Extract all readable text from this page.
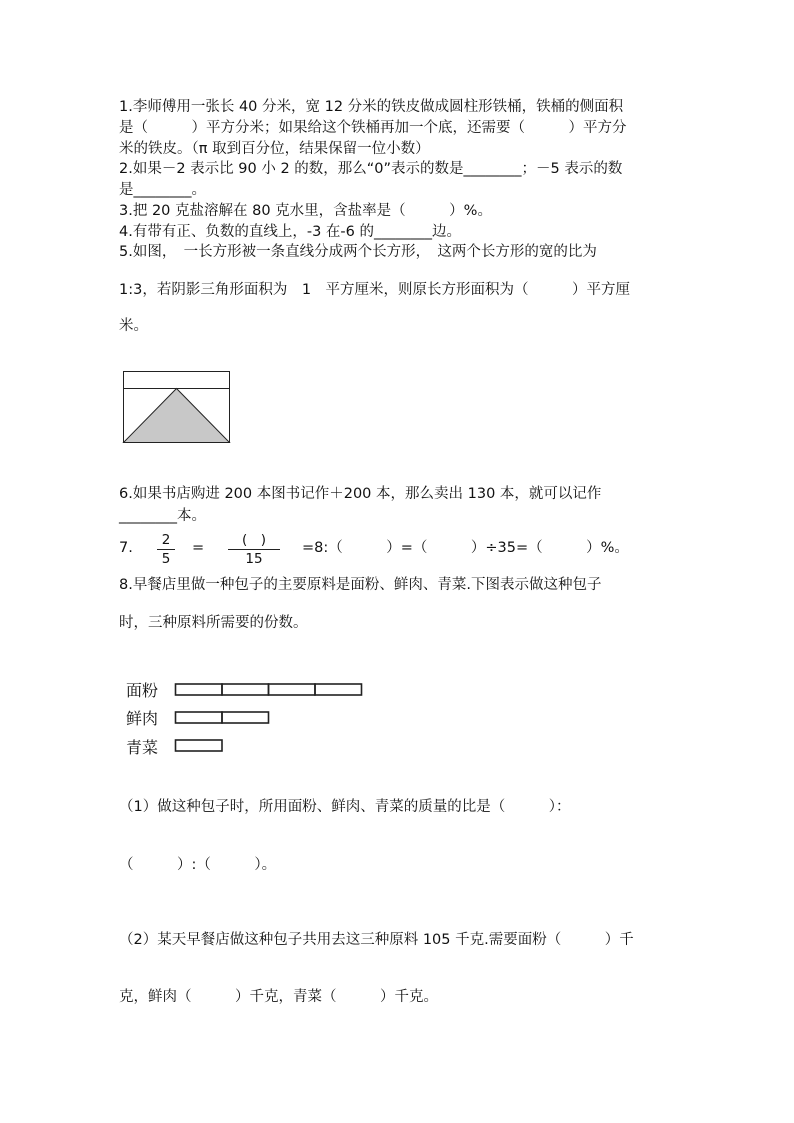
1.李师傅用一张长 40 分米，宽 12 分米的铁皮做成圆柱形铁桶，铁桶的侧面积
是（　　　）平方分米；如果给这个铁桶再加一个底，还需要（　　　）平方分
米的铁皮。（π 取到百分位，结果保留一位小数）
2.如果－2 表示比 90 小 2 的数，那么“0”表示的数是________；－5 表示的数
是________。
3.把 20 克盐溶解在 80 克水里，含盐率是（　　　）%。
4.有带有正、负数的直线上，-3 在-6 的________边。
5.如图，　一长方形被一条直线分成两个长方形，　这两个长方形的宽的比为
1:3，若阴影三角形面积为　1　平方厘米，则原长方形面积为（　　　）平方厘
米。
6.如果书店购进 200 本图书记作＋200 本，那么卖出 130 本，就可以记作
________本。
7.	2
5
=	(　)
15
=8:（　　　）=（　　　）÷35=（　　　）%。
8.早餐店里做一种包子的主要原料是面粉、鲜肉、青菜.下图表示做这种包子
时，三种原料所需要的份数。
面粉
鲜肉
青菜
（1）做这种包子时，所用面粉、鲜肉、青菜的质量的比是（　　　）：
（　　　）:（　　　）。
（2）某天早餐店做这种包子共用去这三种原料 105 千克.需要面粉（　　　）千
克，鲜肉（　　　）千克，青菜（　　　）千克。
